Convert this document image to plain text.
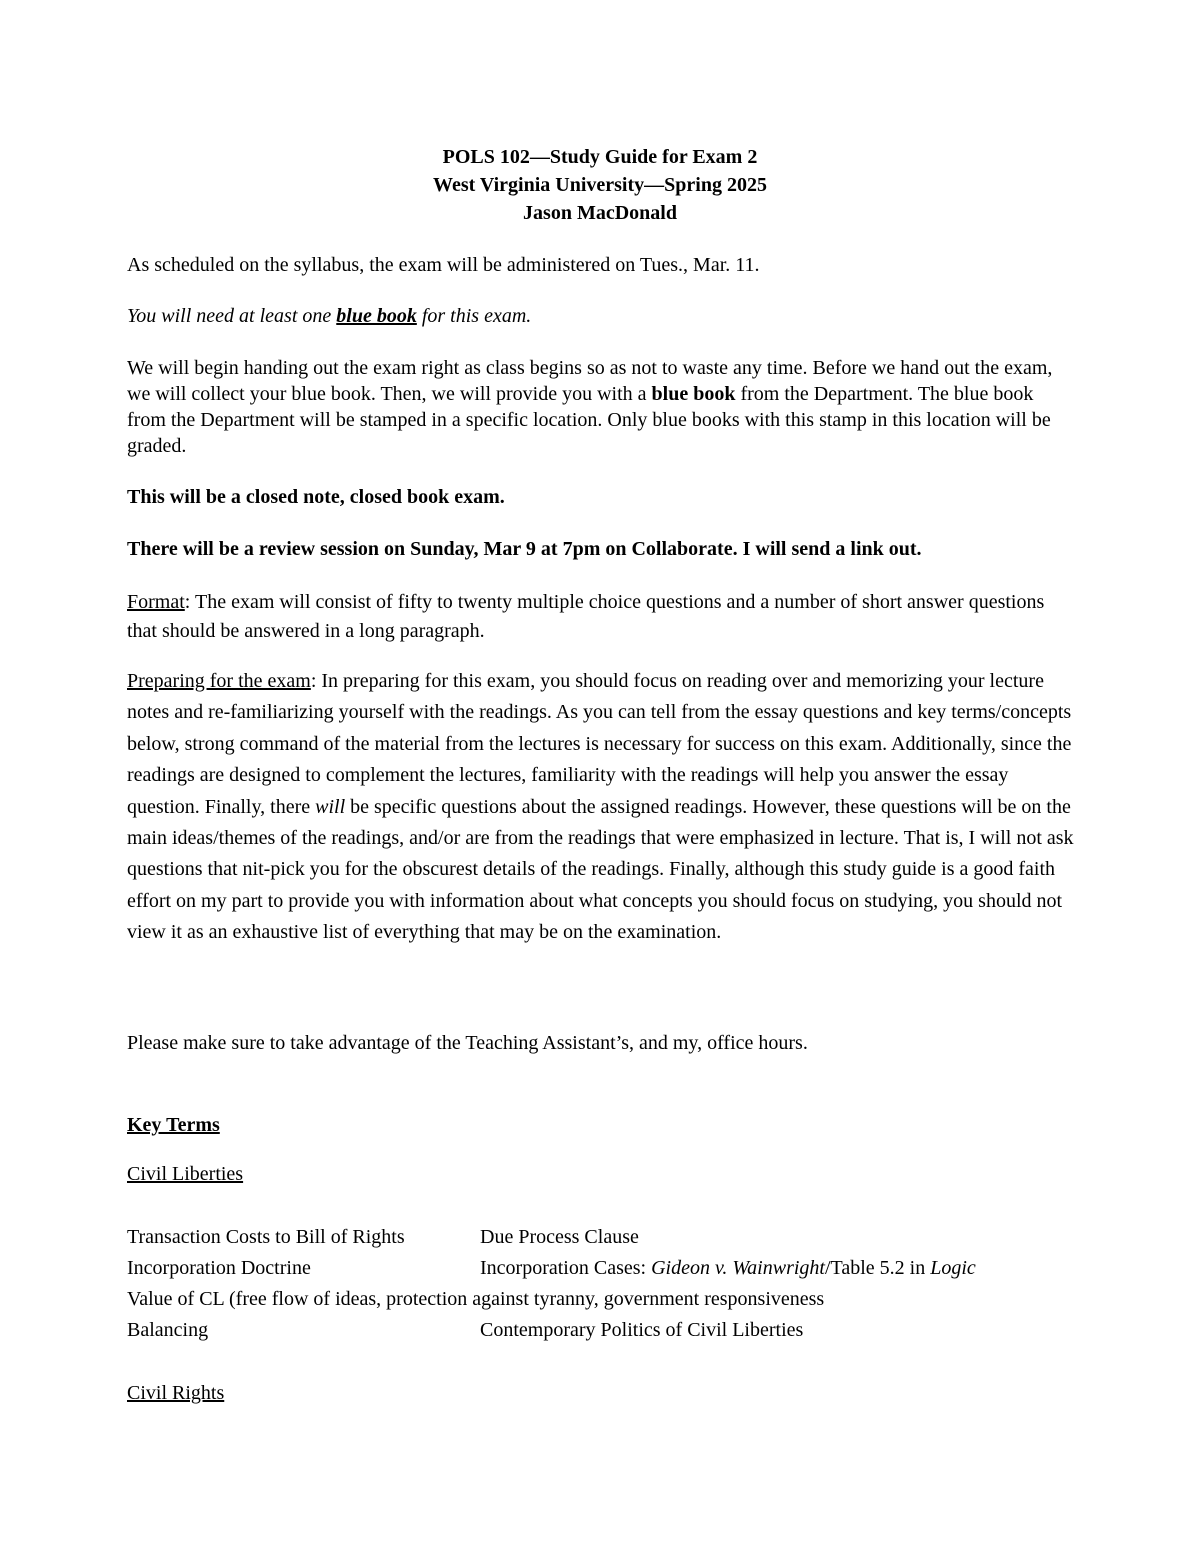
POLS 102—Study Guide for Exam 2
West Virginia University—Spring 2025
Jason MacDonald
As scheduled on the syllabus, the exam will be administered on Tues., Mar. 11.
You will need at least one blue book for this exam.
We will begin handing out the exam right as class begins so as not to waste any time. Before we hand out the exam, we will collect your blue book. Then, we will provide you with a blue book from the Department. The blue book from the Department will be stamped in a specific location. Only blue books with this stamp in this location will be graded.
This will be a closed note, closed book exam.
There will be a review session on Sunday, Mar 9 at 7pm on Collaborate. I will send a link out.
Format: The exam will consist of fifty to twenty multiple choice questions and a number of short answer questions that should be answered in a long paragraph.
Preparing for the exam: In preparing for this exam, you should focus on reading over and memorizing your lecture notes and re-familiarizing yourself with the readings. As you can tell from the essay questions and key terms/concepts below, strong command of the material from the lectures is necessary for success on this exam. Additionally, since the readings are designed to complement the lectures, familiarity with the readings will help you answer the essay question. Finally, there will be specific questions about the assigned readings. However, these questions will be on the main ideas/themes of the readings, and/or are from the readings that were emphasized in lecture. That is, I will not ask questions that nit-pick you for the obscurest details of the readings. Finally, although this study guide is a good faith effort on my part to provide you with information about what concepts you should focus on studying, you should not view it as an exhaustive list of everything that may be on the examination.
Please make sure to take advantage of the Teaching Assistant’s, and my, office hours.
Key Terms
Civil Liberties
Transaction Costs to Bill of Rights	Due Process Clause
Incorporation Doctrine	Incorporation Cases: Gideon v. Wainwright/Table 5.2 in Logic
Value of CL (free flow of ideas, protection against tyranny, government responsiveness
Balancing	Contemporary Politics of Civil Liberties
Civil Rights
